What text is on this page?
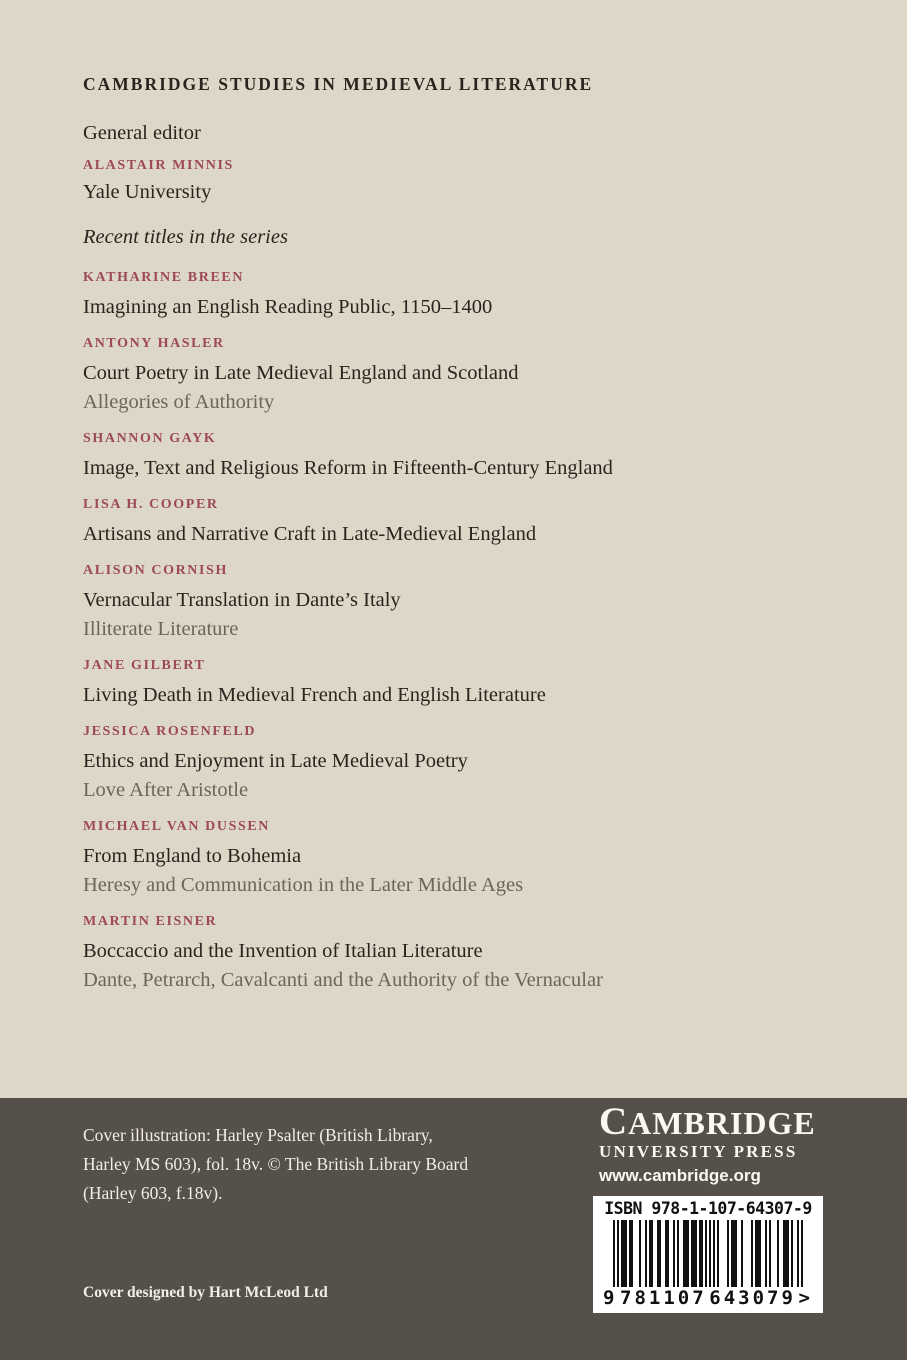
CAMBRIDGE STUDIES IN MEDIEVAL LITERATURE
General editor
ALASTAIR MINNIS
Yale University
Recent titles in the series
KATHARINE BREEN
Imagining an English Reading Public, 1150–1400
ANTONY HASLER
Court Poetry in Late Medieval England and Scotland
Allegories of Authority
SHANNON GAYK
Image, Text and Religious Reform in Fifteenth-Century England
LISA H. COOPER
Artisans and Narrative Craft in Late-Medieval England
ALISON CORNISH
Vernacular Translation in Dante’s Italy
Illiterate Literature
JANE GILBERT
Living Death in Medieval French and English Literature
JESSICA ROSENFELD
Ethics and Enjoyment in Late Medieval Poetry
Love After Aristotle
MICHAEL VAN DUSSEN
From England to Bohemia
Heresy and Communication in the Later Middle Ages
MARTIN EISNER
Boccaccio and the Invention of Italian Literature
Dante, Petrarch, Cavalcanti and the Authority of the Vernacular
Cover illustration: Harley Psalter (British Library,
Harley MS 603), fol. 18v. © The British Library Board
(Harley 603, f.18v).
Cover designed by Hart McLeod Ltd
CAMBRIDGE
UNIVERSITY PRESS
www.cambridge.org
ISBN 978-1-107-64307-9
9 781107 643079 >
